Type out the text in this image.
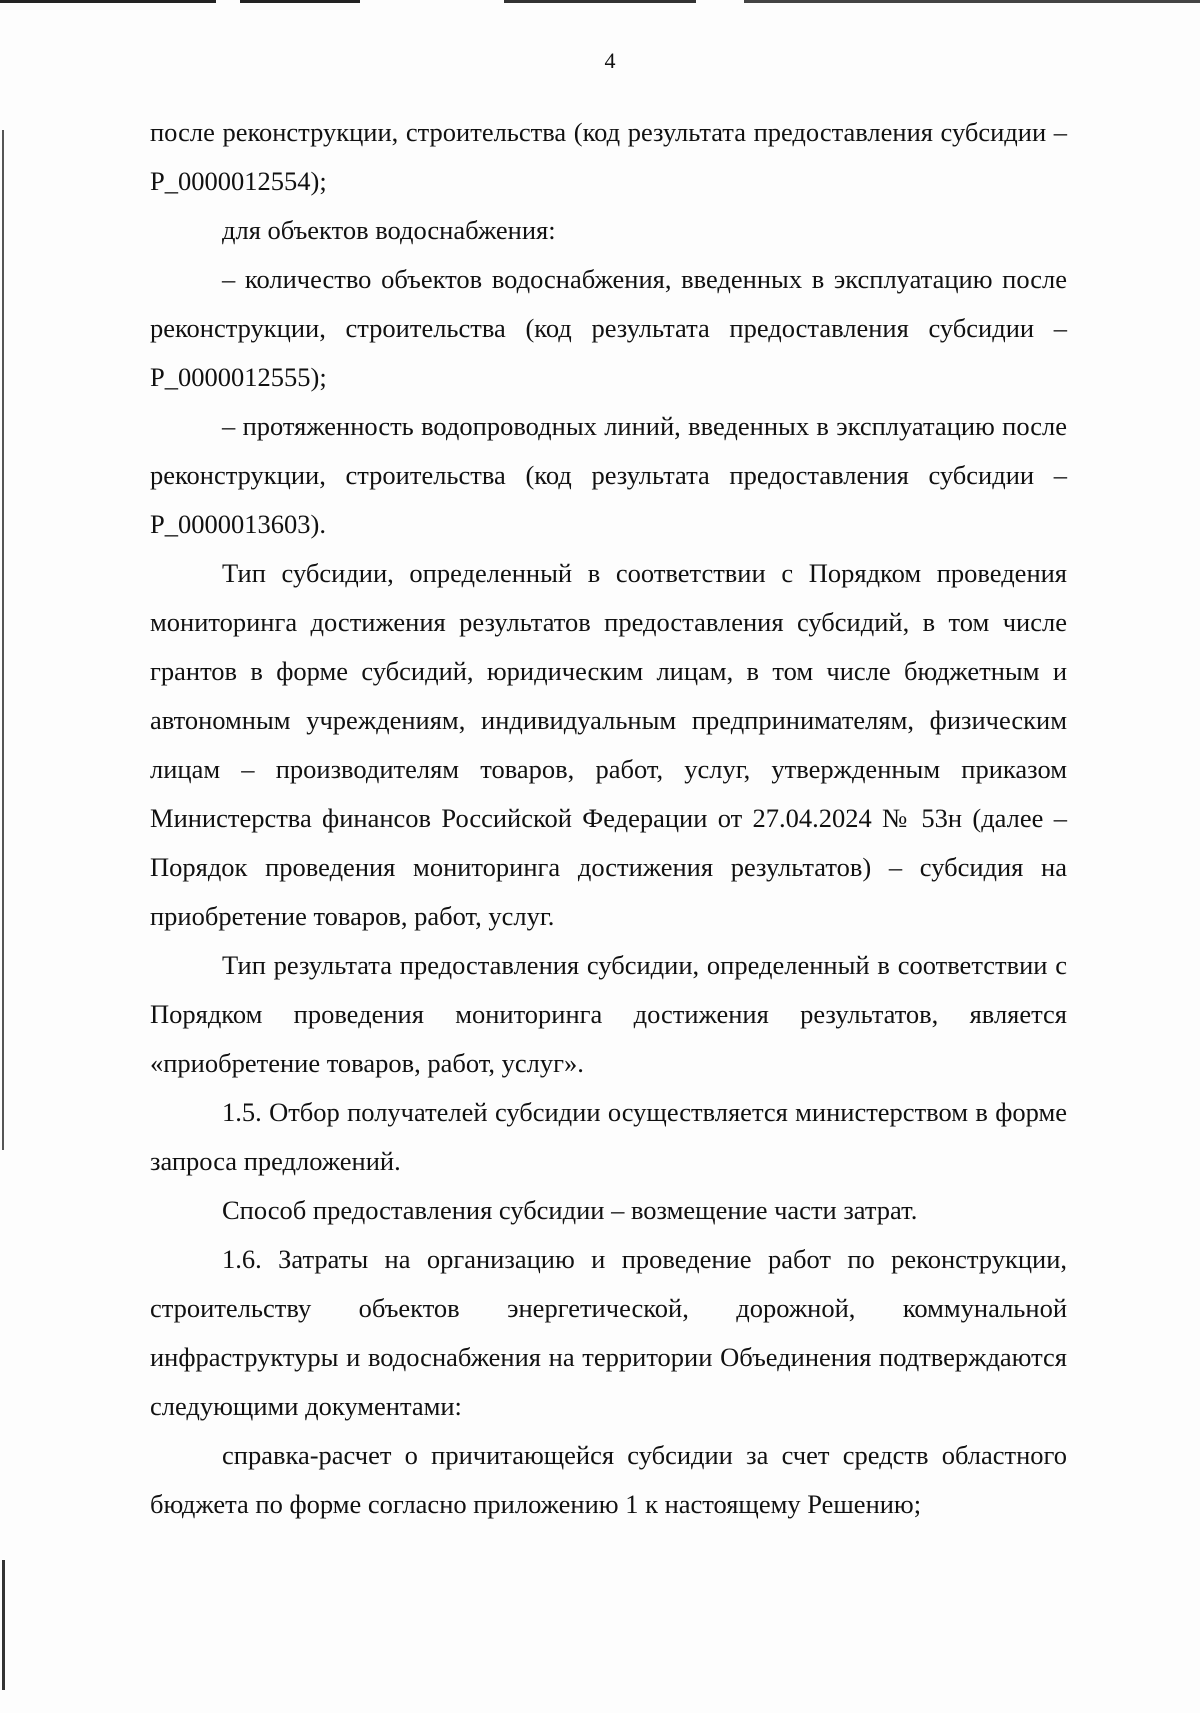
4

после реконструкции, строительства (код результата предоставления субсидии – Р_0000012554);

для объектов водоснабжения:

– количество объектов водоснабжения, введенных в эксплуатацию после реконструкции, строительства (код результата предоставления субсидии – Р_0000012555);

– протяженность водопроводных линий, введенных в эксплуатацию после реконструкции, строительства (код результата предоставления субсидии – Р_0000013603).

Тип субсидии, определенный в соответствии с Порядком проведения мониторинга достижения результатов предоставления субсидий, в том числе грантов в форме субсидий, юридическим лицам, в том числе бюджетным и автономным учреждениям, индивидуальным предпринимателям, физическим лицам – производителям товаров, работ, услуг, утвержденным приказом Министерства финансов Российской Федерации от 27.04.2024 № 53н (далее – Порядок проведения мониторинга достижения результатов) – субсидия на приобретение товаров, работ, услуг.

Тип результата предоставления субсидии, определенный в соответствии с Порядком проведения мониторинга достижения результатов, является «приобретение товаров, работ, услуг».

1.5. Отбор получателей субсидии осуществляется министерством в форме запроса предложений.

Способ предоставления субсидии – возмещение части затрат.

1.6. Затраты на организацию и проведение работ по реконструкции, строительству объектов энергетической, дорожной, коммунальной инфраструктуры и водоснабжения на территории Объединения подтверждаются следующими документами:

справка-расчет о причитающейся субсидии за счет средств областного бюджета по форме согласно приложению 1 к настоящему Решению;
